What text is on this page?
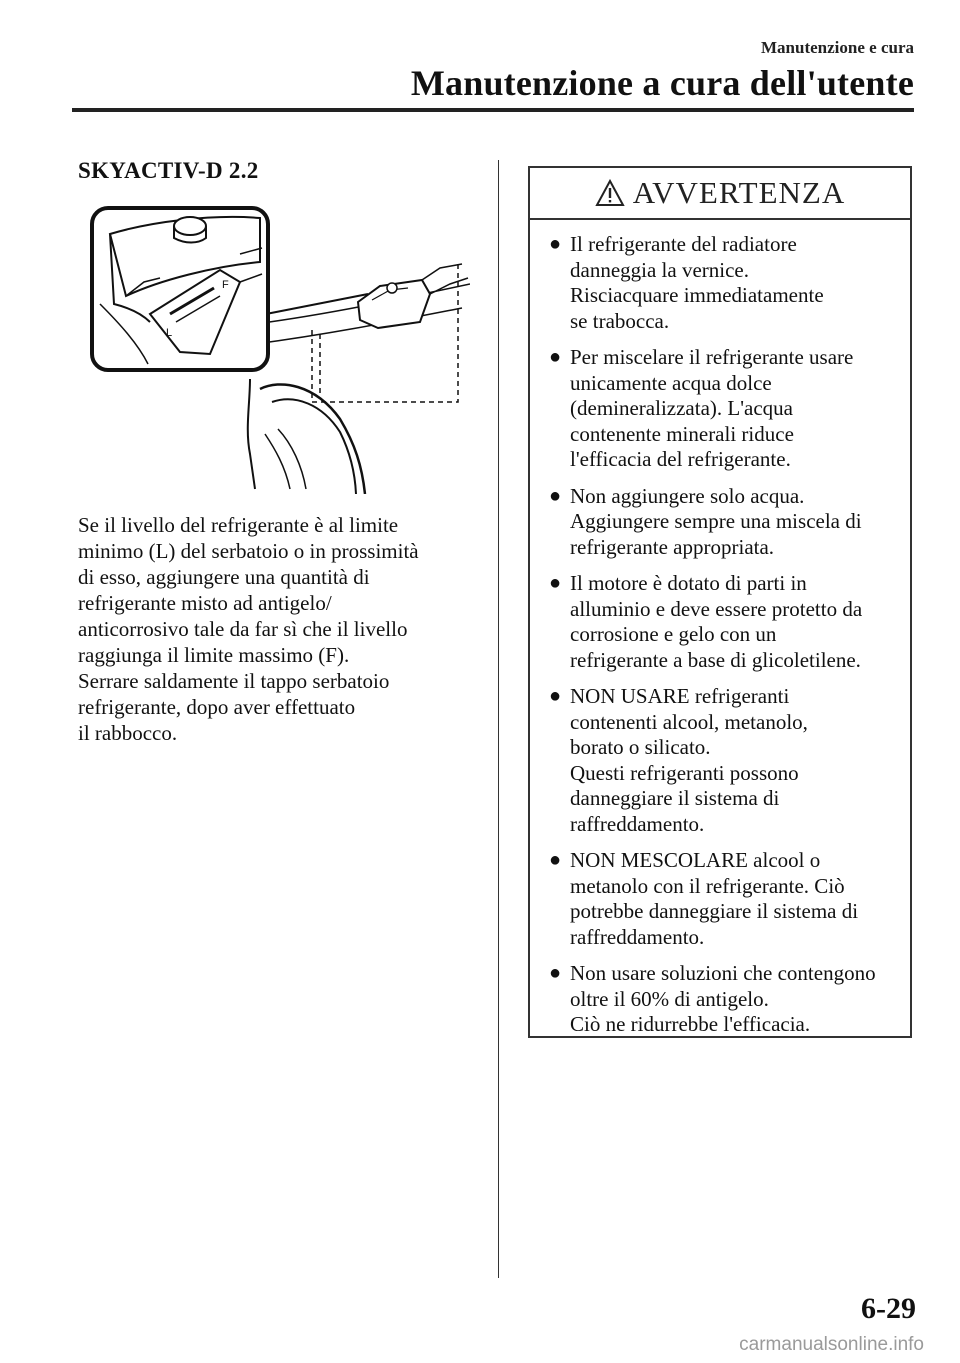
Manutenzione e cura
Manutenzione a cura dell'utente
SKYACTIV-D 2.2
L
F
Se il livello del refrigerante è al limite
minimo (L) del serbatoio o in prossimità
di esso, aggiungere una quantità di
refrigerante misto ad antigelo/
anticorrosivo tale da far sì che il livello
raggiunga il limite massimo (F).
Serrare saldamente il tappo serbatoio
refrigerante, dopo aver effettuato
il rabbocco.
AVVERTENZA
● Il refrigerante del radiatore
danneggia la vernice.
Risciacquare immediatamente
se trabocca.
● Per miscelare il refrigerante usare
unicamente acqua dolce
(demineralizzata). L'acqua
contenente minerali riduce
l'efficacia del refrigerante.
● Non aggiungere solo acqua.
Aggiungere sempre una miscela di
refrigerante appropriata.
● Il motore è dotato di parti in
alluminio e deve essere protetto da
corrosione e gelo con un
refrigerante a base di glicoletilene.
● NON USARE refrigeranti
contenenti alcool, metanolo,
borato o silicato.
Questi refrigeranti possono
danneggiare il sistema di
raffreddamento.
● NON MESCOLARE alcool o
metanolo con il refrigerante. Ciò
potrebbe danneggiare il sistema di
raffreddamento.
● Non usare soluzioni che contengono
oltre il 60% di antigelo.
Ciò ne ridurrebbe l'efficacia.
6-29
carmanualsonline.info
